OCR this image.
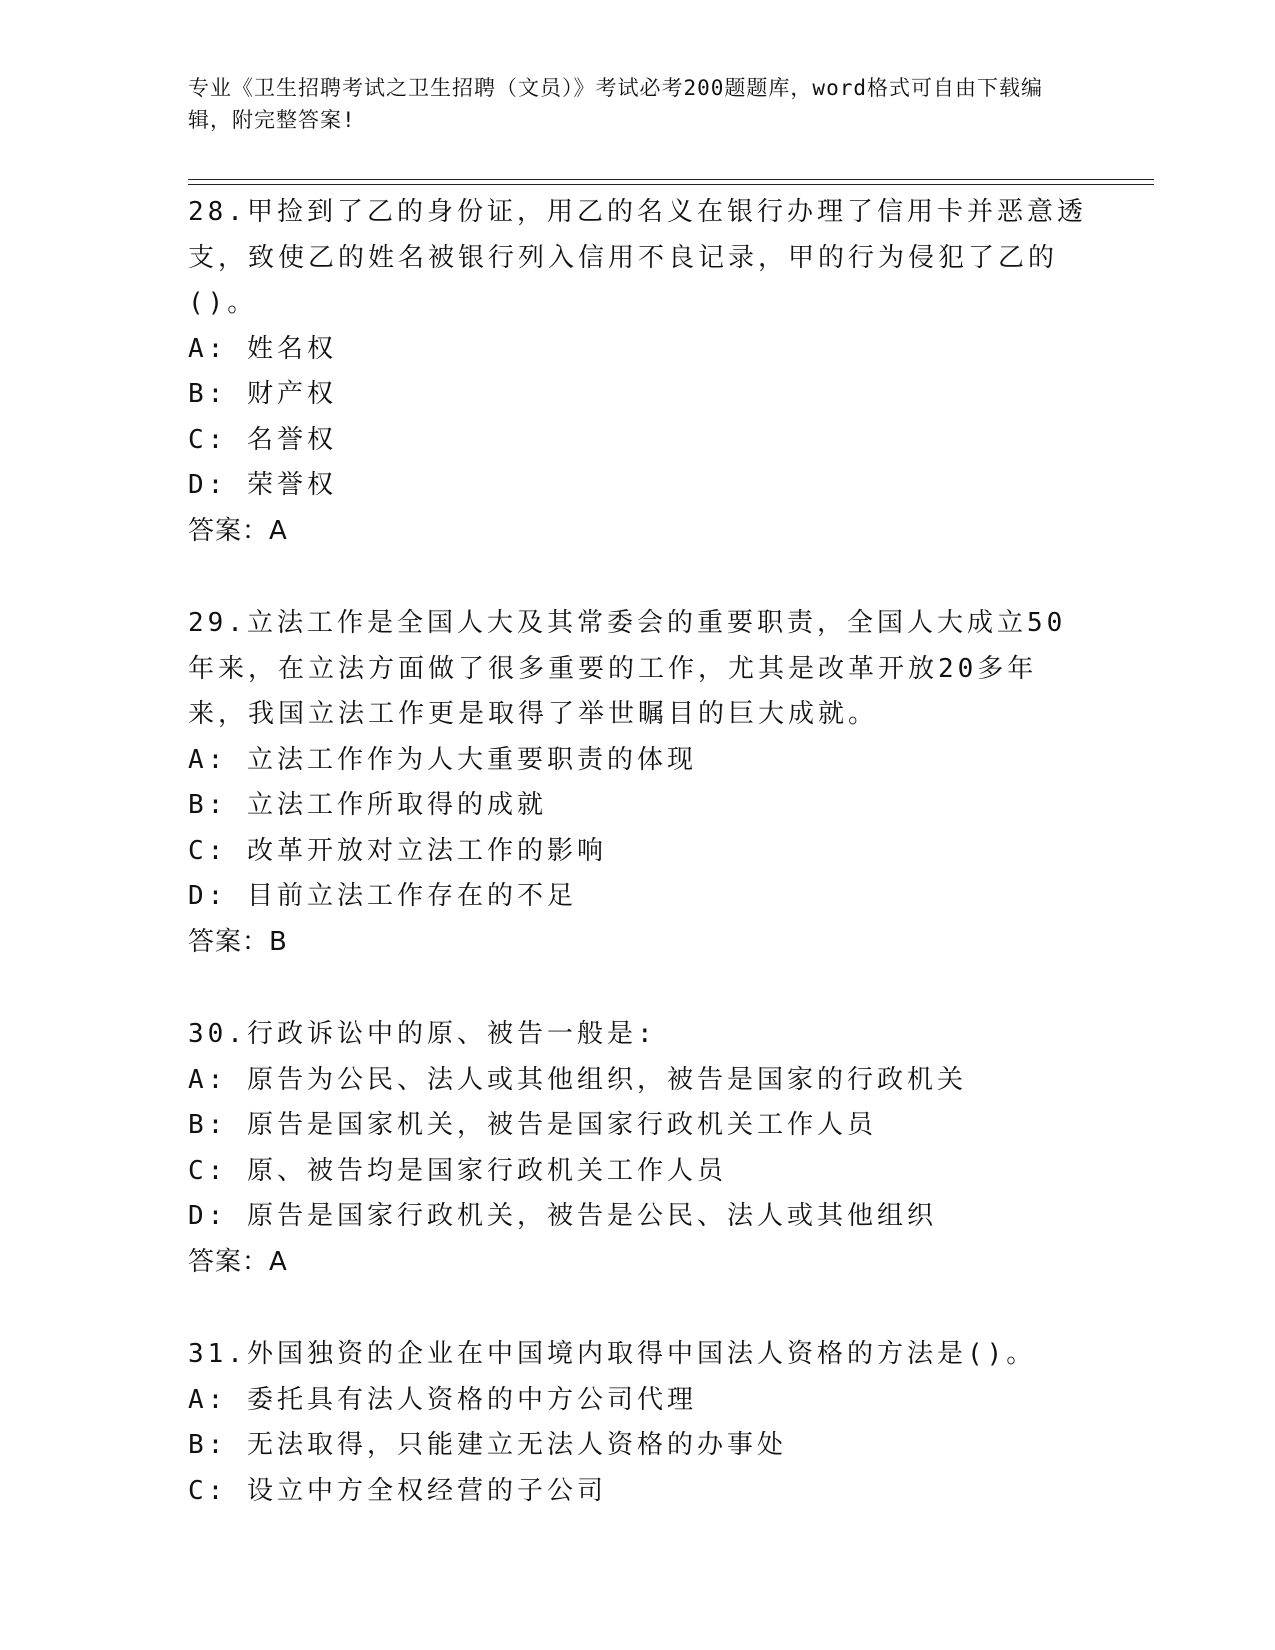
专业《卫生招聘考试之卫生招聘（文员）》考试必考200题题库，word格式可自由下载编辑，附完整答案!

28.甲捡到了乙的身份证，用乙的名义在银行办理了信用卡并恶意透支，致使乙的姓名被银行列入信用不良记录，甲的行为侵犯了乙的()。

A: 姓名权

B: 财产权

C: 名誉权

D: 荣誉权

答案：A

29.立法工作是全国人大及其常委会的重要职责，全国人大成立50年来，在立法方面做了很多重要的工作，尤其是改革开放20多年来，我国立法工作更是取得了举世瞩目的巨大成就。

A: 立法工作作为人大重要职责的体现

B: 立法工作所取得的成就

C: 改革开放对立法工作的影响

D: 目前立法工作存在的不足

答案：B

30.行政诉讼中的原、被告一般是:

A: 原告为公民、法人或其他组织，被告是国家的行政机关

B: 原告是国家机关，被告是国家行政机关工作人员

C: 原、被告均是国家行政机关工作人员

D: 原告是国家行政机关，被告是公民、法人或其他组织

答案：A

31.外国独资的企业在中国境内取得中国法人资格的方法是()。

A: 委托具有法人资格的中方公司代理

B: 无法取得，只能建立无法人资格的办事处

C: 设立中方全权经营的子公司
